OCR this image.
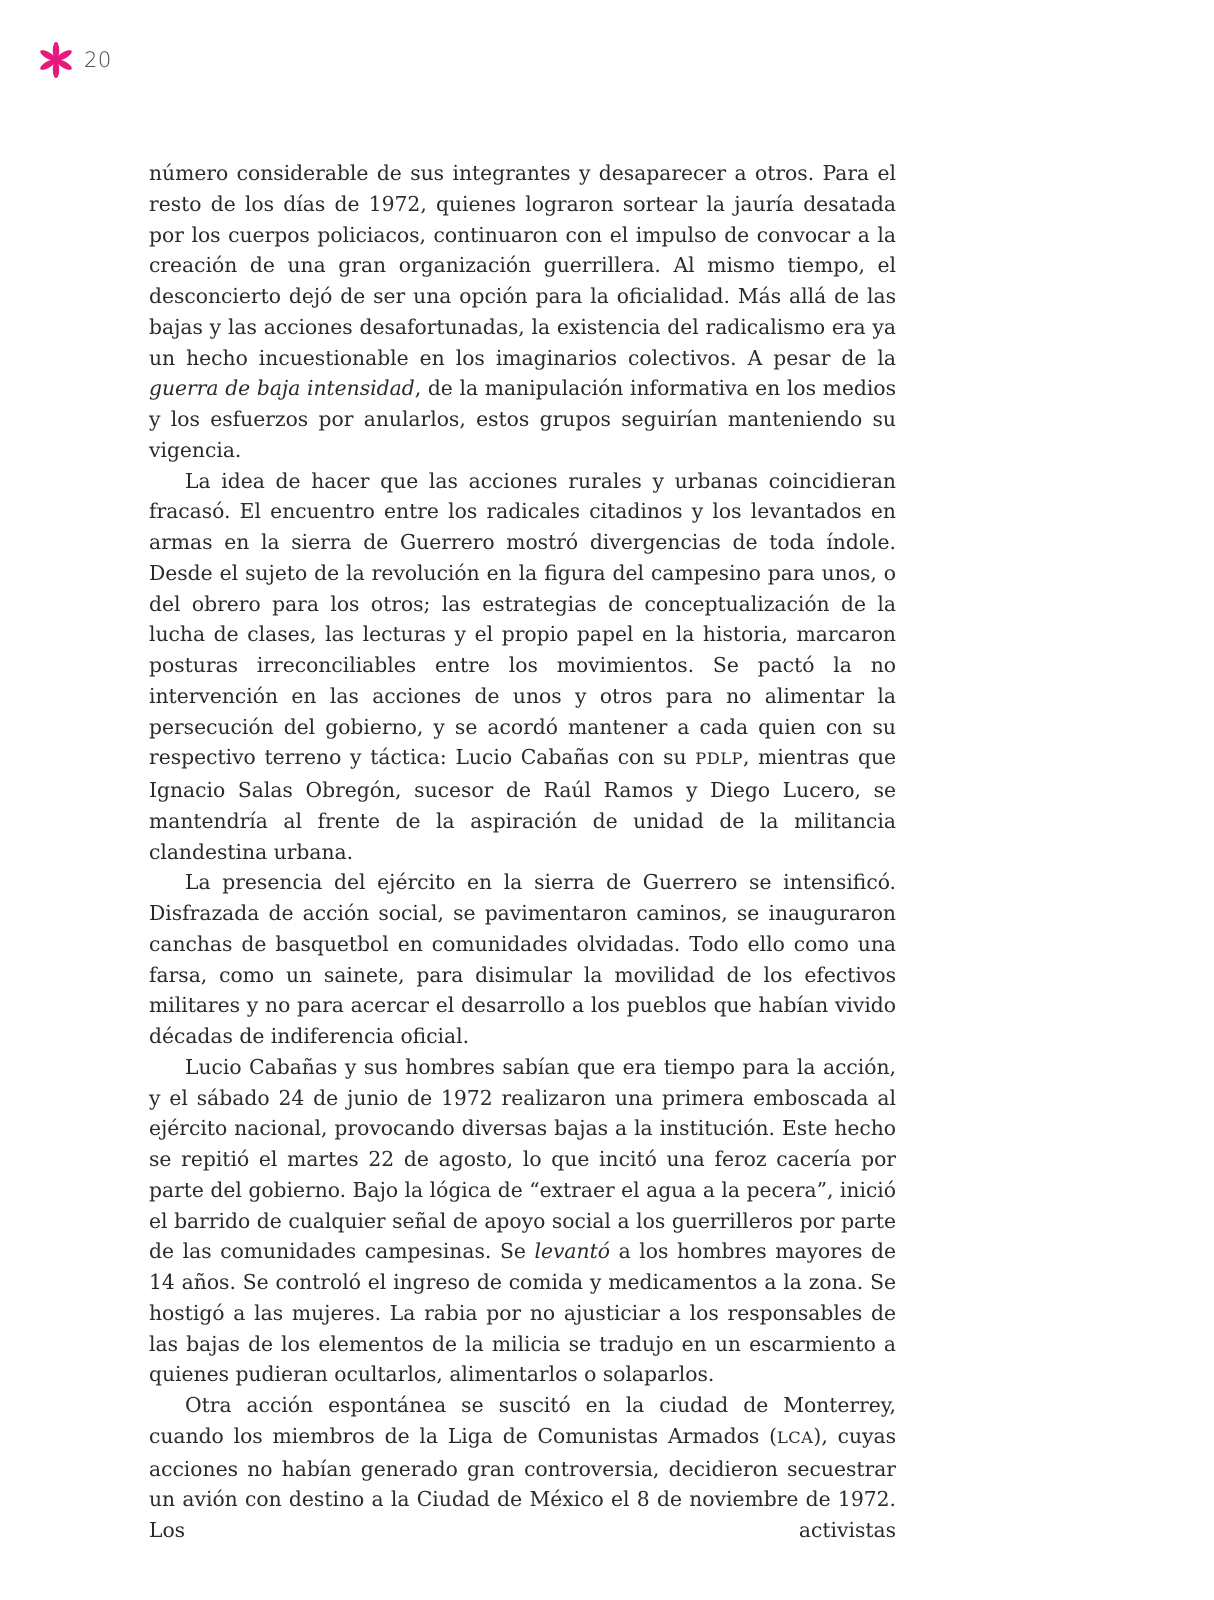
20

número considerable de sus integrantes y desaparecer a otros. Para el resto de los días de 1972, quienes lograron sortear la jauría desatada por los cuerpos policiacos, continuaron con el impulso de convocar a la creación de una gran organización guerrillera. Al mismo tiempo, el desconcierto dejó de ser una opción para la oficialidad. Más allá de las bajas y las acciones desafortunadas, la existencia del radicalismo era ya un hecho incuestionable en los imaginarios colectivos. A pesar de la guerra de baja intensidad, de la manipulación informativa en los medios y los esfuerzos por anularlos, estos grupos seguirían manteniendo su vigencia.

La idea de hacer que las acciones rurales y urbanas coincidieran fracasó. El encuentro entre los radicales citadinos y los levantados en armas en la sierra de Guerrero mostró divergencias de toda índole. Desde el sujeto de la revolución en la figura del campesino para unos, o del obrero para los otros; las estrategias de conceptualización de la lucha de clases, las lecturas y el propio papel en la historia, marcaron posturas irreconciliables entre los movimientos. Se pactó la no intervención en las acciones de unos y otros para no alimentar la persecución del gobierno, y se acordó mantener a cada quien con su respectivo terreno y táctica: Lucio Cabañas con su PDLP, mientras que Ignacio Salas Obregón, sucesor de Raúl Ramos y Diego Lucero, se mantendría al frente de la aspiración de unidad de la militancia clandestina urbana.

La presencia del ejército en la sierra de Guerrero se intensificó. Disfrazada de acción social, se pavimentaron caminos, se inauguraron canchas de basquetbol en comunidades olvidadas. Todo ello como una farsa, como un sainete, para disimular la movilidad de los efectivos militares y no para acercar el desarrollo a los pueblos que habían vivido décadas de indiferencia oficial.

Lucio Cabañas y sus hombres sabían que era tiempo para la acción, y el sábado 24 de junio de 1972 realizaron una primera emboscada al ejército nacional, provocando diversas bajas a la institución. Este hecho se repitió el martes 22 de agosto, lo que incitó una feroz cacería por parte del gobierno. Bajo la lógica de “extraer el agua a la pecera”, inició el barrido de cualquier señal de apoyo social a los guerrilleros por parte de las comunidades campesinas. Se levantó a los hombres mayores de 14 años. Se controló el ingreso de comida y medicamentos a la zona. Se hostigó a las mujeres. La rabia por no ajusticiar a los responsables de las bajas de los elementos de la milicia se tradujo en un escarmiento a quienes pudieran ocultarlos, alimentarlos o solaparlos.

Otra acción espontánea se suscitó en la ciudad de Monterrey, cuando los miembros de la Liga de Comunistas Armados (LCA), cuyas acciones no habían generado gran controversia, decidieron secuestrar un avión con destino a la Ciudad de México el 8 de noviembre de 1972. Los activistas
